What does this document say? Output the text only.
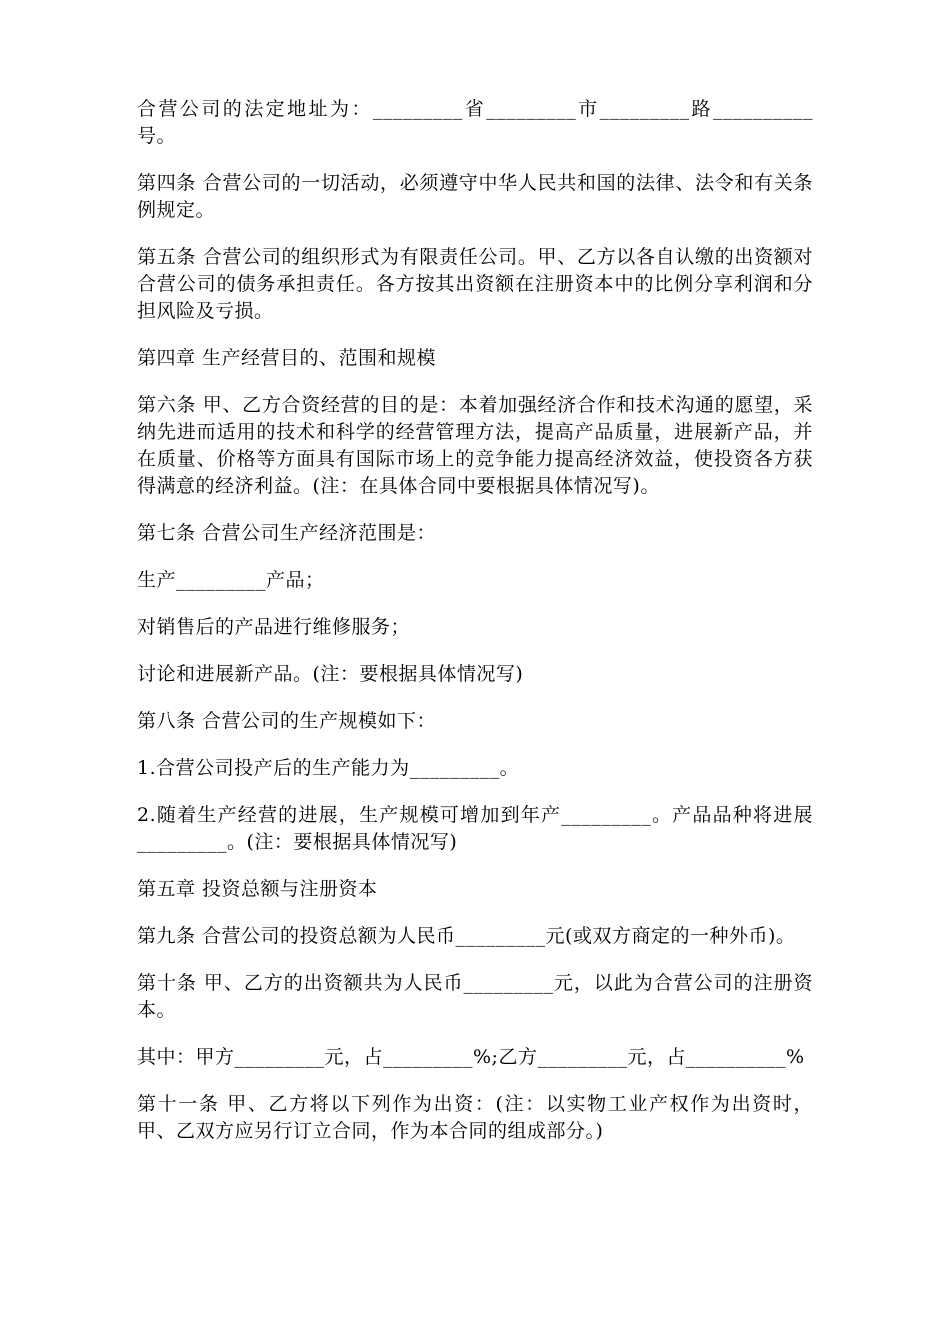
合营公司的法定地址为：_________省_________市_________路__________号。

第四条 合营公司的一切活动，必须遵守中华人民共和国的法律、法令和有关条例规定。

第五条 合营公司的组织形式为有限责任公司。甲、乙方以各自认缴的出资额对合营公司的债务承担责任。各方按其出资额在注册资本中的比例分享利润和分担风险及亏损。

第四章 生产经营目的、范围和规模

第六条 甲、乙方合资经营的目的是：本着加强经济合作和技术沟通的愿望，采纳先进而适用的技术和科学的经营管理方法，提高产品质量，进展新产品，并在质量、价格等方面具有国际市场上的竞争能力提高经济效益，使投资各方获得满意的经济利益。(注：在具体合同中要根据具体情况写)。

第七条 合营公司生产经济范围是：

生产_________产品；

对销售后的产品进行维修服务；

讨论和进展新产品。(注：要根据具体情况写)

第八条 合营公司的生产规模如下：

1.合营公司投产后的生产能力为_________。

2.随着生产经营的进展，生产规模可增加到年产_________。产品品种将进展_________。(注：要根据具体情况写)

第五章 投资总额与注册资本

第九条 合营公司的投资总额为人民币_________元(或双方商定的一种外币)。

第十条 甲、乙方的出资额共为人民币_________元，以此为合营公司的注册资本。

其中：甲方_________元，占_________%;乙方_________元，占__________%

第十一条 甲、乙方将以下列作为出资：(注：以实物工业产权作为出资时，甲、乙双方应另行订立合同，作为本合同的组成部分。)
